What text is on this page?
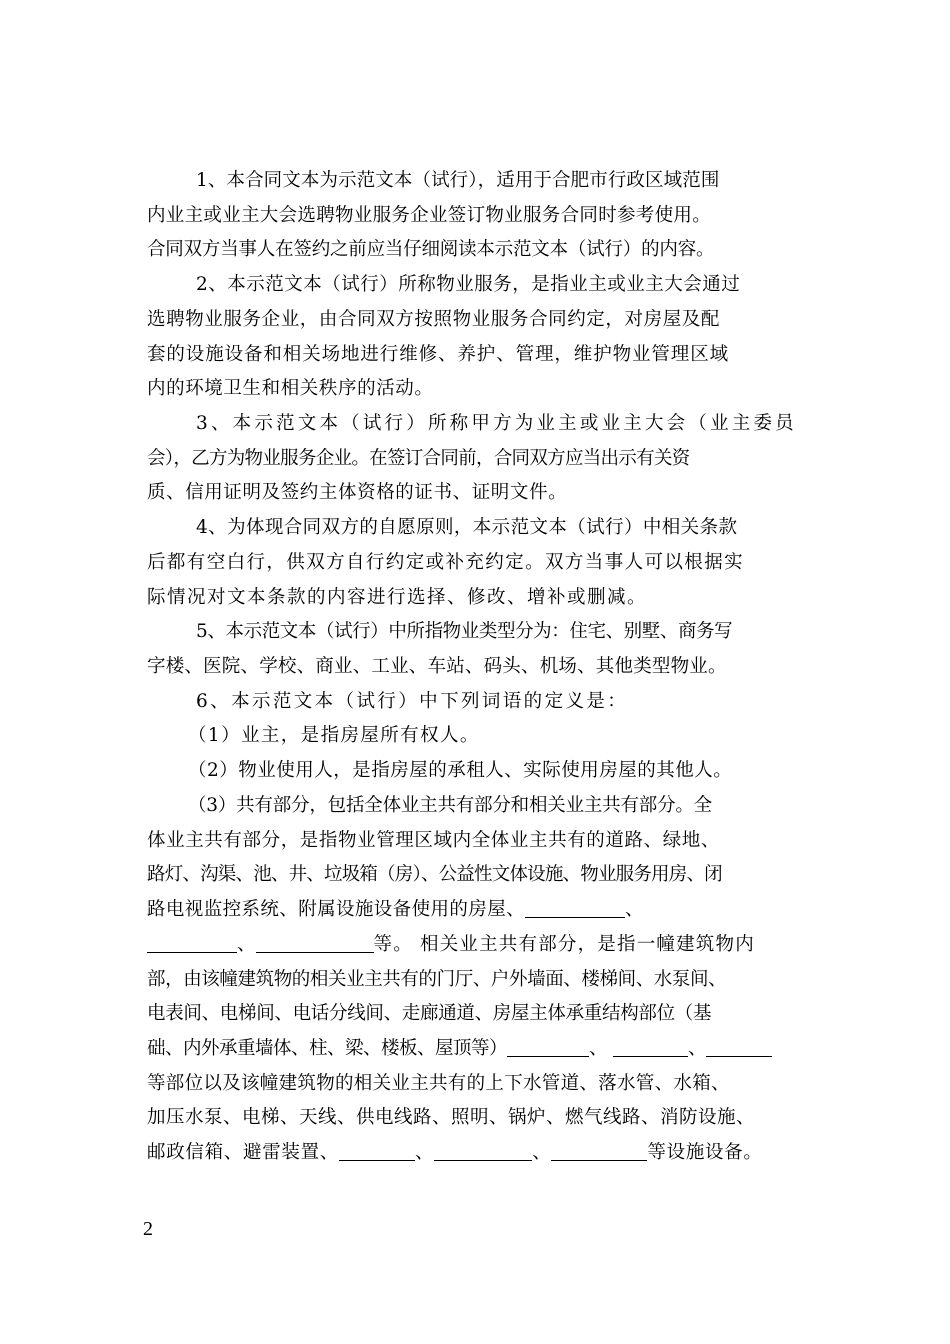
1、本合同文本为示范文本（试行），适用于合肥市行政区域范围
内业主或业主大会选聘物业服务企业签订物业服务合同时参考使用。
合同双方当事人在签约之前应当仔细阅读本示范文本（试行）的内容。
2、本示范文本（试行）所称物业服务，是指业主或业主大会通过
选聘物业服务企业，由合同双方按照物业服务合同约定，对房屋及配
套的设施设备和相关场地进行维修、养护、管理，维护物业管理区域
内的环境卫生和相关秩序的活动。
3、本示范文本（试行）所称甲方为业主或业主大会（业主委员
会），乙方为物业服务企业。在签订合同前，合同双方应当出示有关资
质、信用证明及签约主体资格的证书、证明文件。
4、为体现合同双方的自愿原则，本示范文本（试行）中相关条款
后都有空白行，供双方自行约定或补充约定。双方当事人可以根据实
际情况对文本条款的内容进行选择、修改、增补或删减。
5、本示范文本（试行）中所指物业类型分为：住宅、别墅、商务写
字楼、医院、学校、商业、工业、车站、码头、机场、其他类型物业。
6、本示范文本（试行）中下列词语的定义是：
（1）业主，是指房屋所有权人。
（2）物业使用人，是指房屋的承租人、实际使用房屋的其他人。
（3）共有部分，包括全体业主共有部分和相关业主共有部分。全
体业主共有部分，是指物业管理区域内全体业主共有的道路、绿地、
路灯、沟渠、池、井、垃圾箱（房）、公益性文体设施、物业服务用房、闭
路电视监控系统、附属设施设备使用的房屋、	、
、	等。 相关业主共有部分，是指一幢建筑物内
部，由该幢建筑物的相关业主共有的门厅、户外墙面、楼梯间、水泵间、
电表间、电梯间、电话分线间、走廊通道、房屋主体承重结构部位（基
础、内外承重墙体、柱、梁、楼板、屋顶等）	、	、
等部位以及该幢建筑物的相关业主共有的上下水管道、落水管、水箱、
加压水泵、电梯、天线、供电线路、照明、锅炉、燃气线路、消防设施、
邮政信箱、避雷装置、	、	、	等设施设备。
2
